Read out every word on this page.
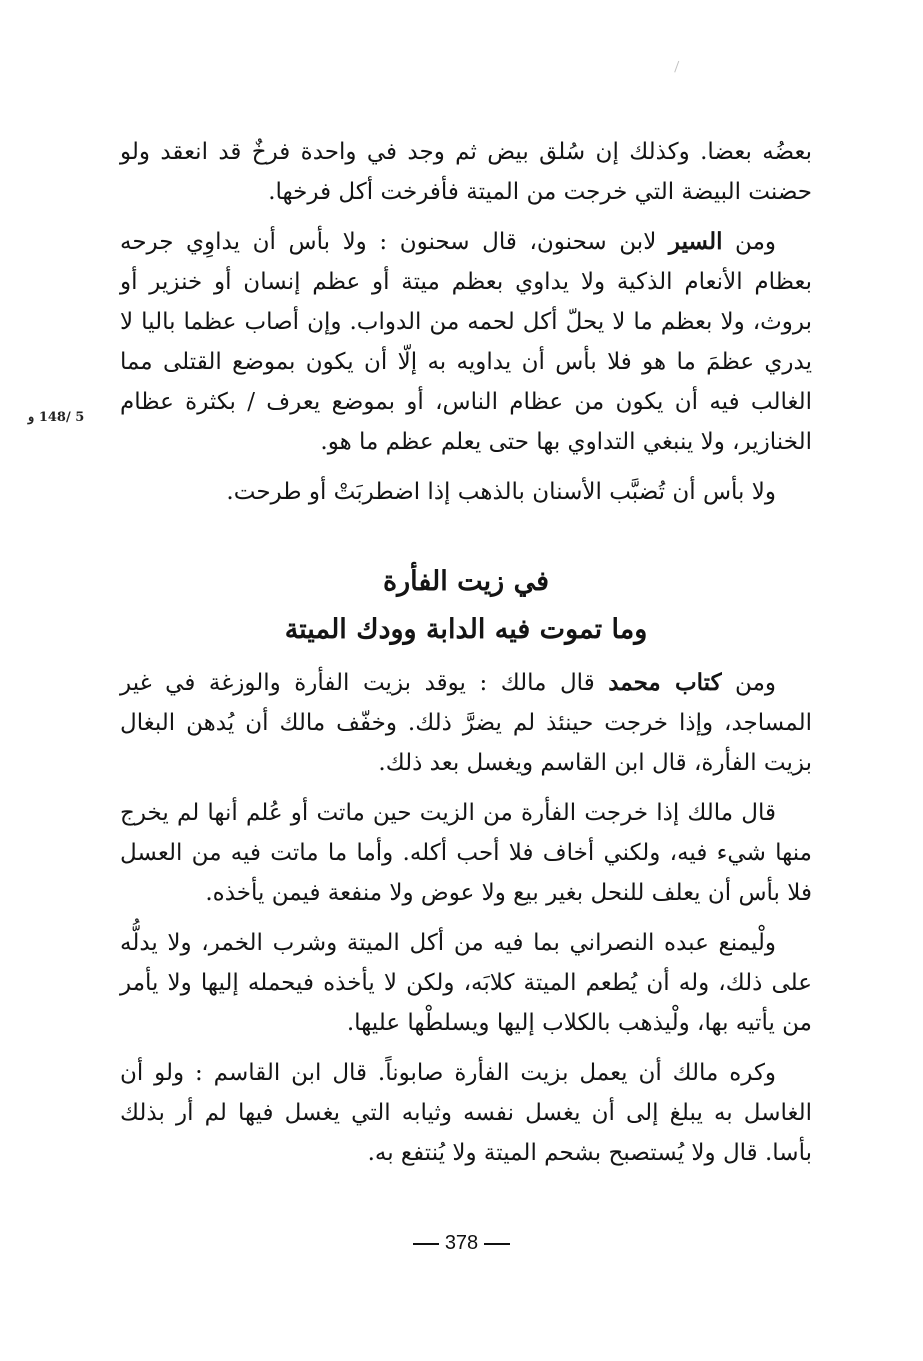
بعضُه بعضا. وكذلك إن سُلق بيض ثم وجد في واحدة فرخٌ قد انعقد ولو حضنت البيضة التي خرجت من الميتة فأفرخت أكل فرخها.

ومن السير لابن سحنون، قال سحنون : ولا بأس أن يداوِي جرحه بعظام الأنعام الذكية ولا يداوي بعظم ميتة أو عظم إنسان أو خنزير أو بروث، ولا بعظم ما لا يحلّ أكل لحمه من الدواب. وإن أصاب عظما باليا لا يدري عظمَ ما هو فلا بأس أن يداويه به إلّا أن يكون بموضع القتلى مما الغالب فيه أن يكون من عظام الناس، أو بموضع يعرف / بكثرة عظام الخنازير، ولا ينبغي التداوي بها حتى يعلم عظم ما هو.

ولا بأس أن تُضبَّب الأسنان بالذهب إذا اضطربَتْ أو طرحت.

5 /148 و
في زيت الفأرة
وما تموت فيه الدابة وودك الميتة

ومن كتاب محمد قال مالك : يوقد بزيت الفأرة والوزغة في غير المساجد، وإذا خرجت حينئذ لم يضرَّ ذلك. وخفّف مالك أن يُدهن البغال بزيت الفأرة، قال ابن القاسم ويغسل بعد ذلك.

قال مالك إذا خرجت الفأرة من الزيت حين ماتت أو عُلم أنها لم يخرج منها شيء فيه، ولكني أخاف فلا أحب أكله. وأما ما ماتت فيه من العسل فلا بأس أن يعلف للنحل بغير بيع ولا عوض ولا منفعة فيمن يأخذه.

ولْيمنع عبده النصراني بما فيه من أكل الميتة وشرب الخمر، ولا يدلُّه على ذلك، وله أن يُطعم الميتة كلابَه، ولكن لا يأخذه فيحمله إليها ولا يأمر من يأتيه بها، ولْيذهب بالكلاب إليها ويسلطْها عليها.

وكره مالك أن يعمل بزيت الفأرة صابوناً. قال ابن القاسم : ولو أن الغاسل به يبلغ إلى أن يغسل نفسه وثيابه التي يغسل فيها لم أر بذلك بأسا. قال ولا يُستصبح بشحم الميتة ولا يُنتفع به.

378
